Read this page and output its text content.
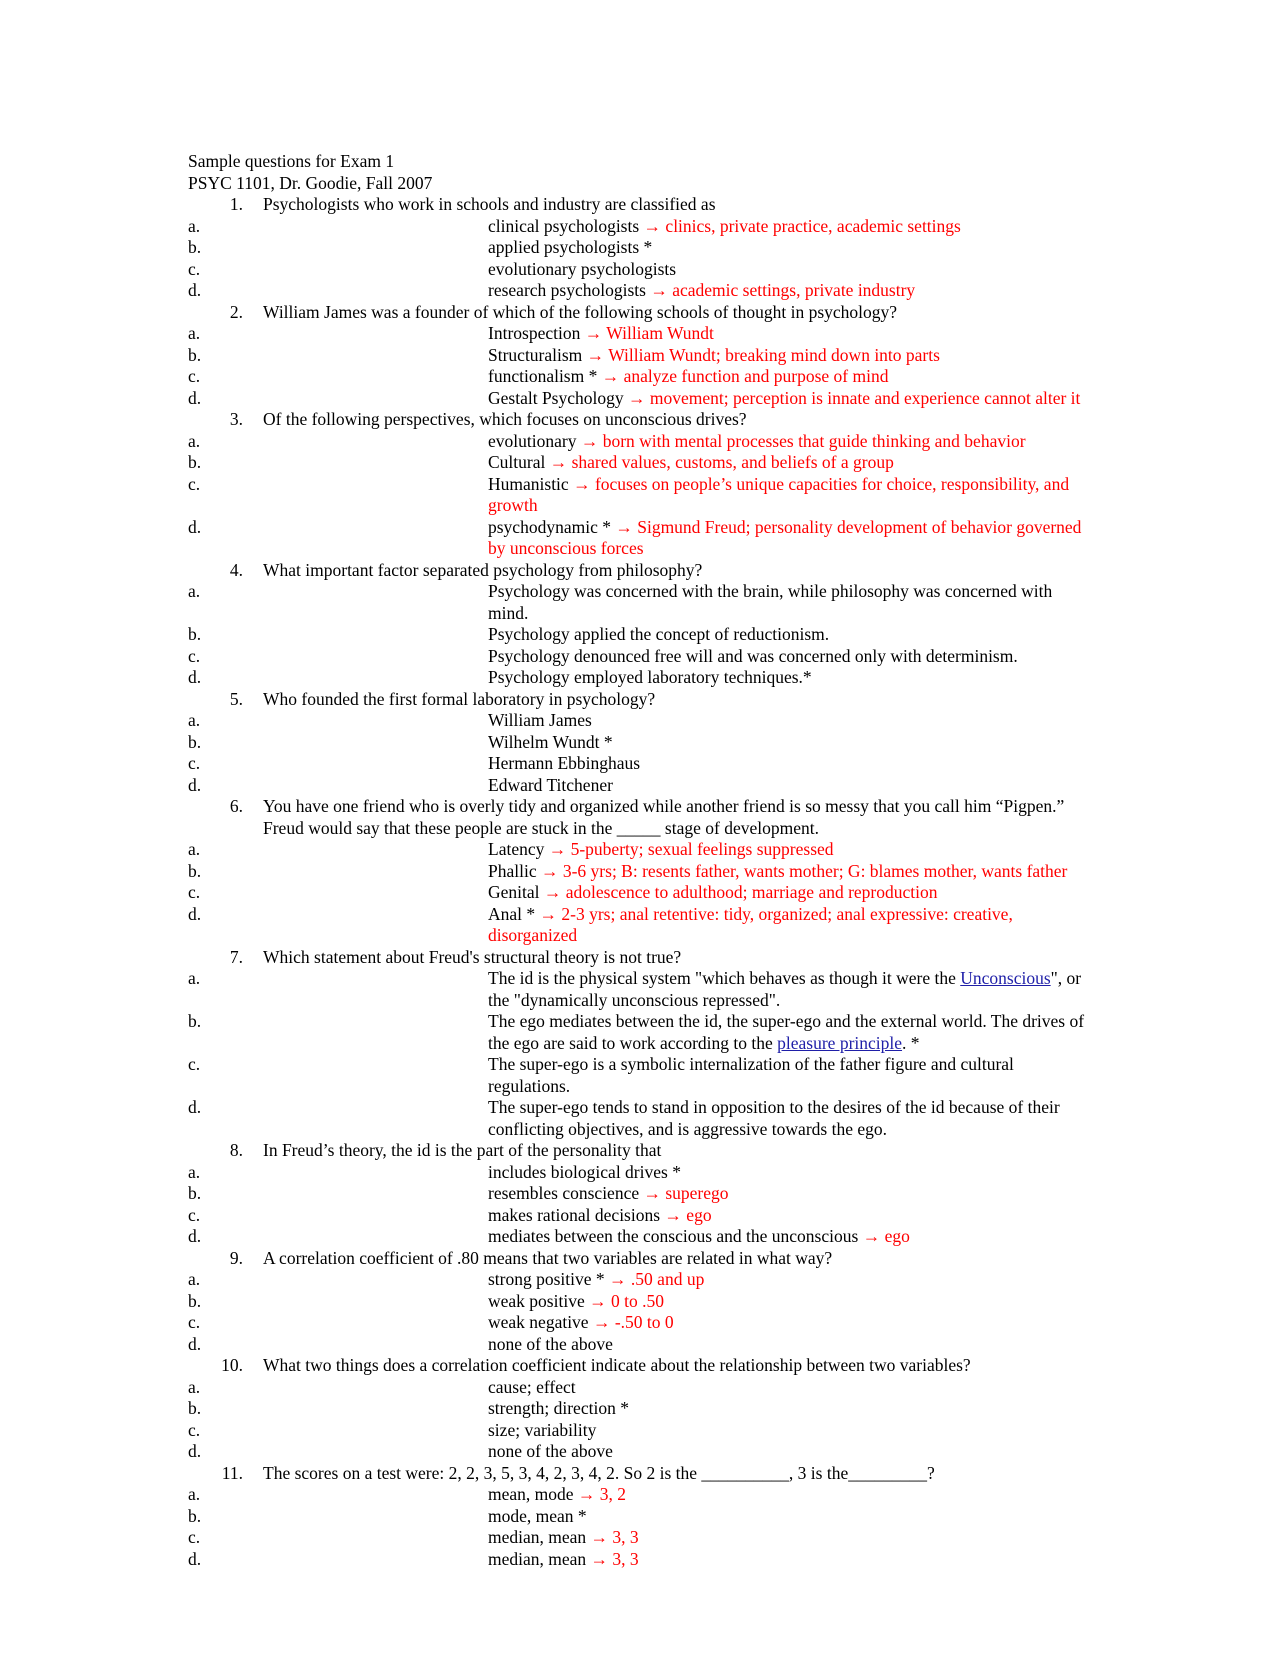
Sample questions for Exam 1
PSYC 1101, Dr. Goodie, Fall 2007
1.	Psychologists who work in schools and industry are classified as
a.	clinical psychologists → clinics, private practice, academic settings
b.	applied psychologists *
c.	evolutionary psychologists
d.	research psychologists → academic settings, private industry
2.	William James was a founder of which of the following schools of thought in psychology?
a.	Introspection → William Wundt
b.	Structuralism → William Wundt; breaking mind down into parts
c.	functionalism * → analyze function and purpose of mind
d.	Gestalt Psychology → movement; perception is innate and experience cannot alter it
3.	Of the following perspectives, which focuses on unconscious drives?
a.	evolutionary → born with mental processes that guide thinking and behavior
b.	Cultural → shared values, customs, and beliefs of a group
c.	Humanistic → focuses on people’s unique capacities for choice, responsibility, and growth
d.	psychodynamic * → Sigmund Freud; personality development of behavior governed by unconscious forces
4.	What important factor separated psychology from philosophy?
a.	Psychology was concerned with the brain, while philosophy was concerned with mind.
b.	Psychology applied the concept of reductionism.
c.	Psychology denounced free will and was concerned only with determinism.
d.	Psychology employed laboratory techniques.*
5.	Who founded the first formal laboratory in psychology?
a.	William James
b.	Wilhelm Wundt *
c.	Hermann Ebbinghaus
d.	Edward Titchener
6.	You have one friend who is overly tidy and organized while another friend is so messy that you call him “Pigpen.” Freud would say that these people are stuck in the _____ stage of development.
a.	Latency → 5-puberty; sexual feelings suppressed
b.	Phallic → 3-6 yrs; B: resents father, wants mother; G: blames mother, wants father
c.	Genital → adolescence to adulthood; marriage and reproduction
d.	Anal * → 2-3 yrs; anal retentive: tidy, organized; anal expressive: creative, disorganized
7.	Which statement about Freud's structural theory is not true?
a.	The id is the physical system "which behaves as though it were the Unconscious", or the "dynamically unconscious repressed".
b.	The ego mediates between the id, the super-ego and the external world. The drives of the ego are said to work according to the pleasure principle. *
c.	The super-ego is a symbolic internalization of the father figure and cultural regulations.
d.	The super-ego tends to stand in opposition to the desires of the id because of their conflicting objectives, and is aggressive towards the ego.
8.	In Freud’s theory, the id is the part of the personality that
a.	includes biological drives *
b.	resembles conscience → superego
c.	makes rational decisions → ego
d.	mediates between the conscious and the unconscious → ego
9.	A correlation coefficient of .80 means that two variables are related in what way?
a.	strong positive * → .50 and up
b.	weak positive → 0 to .50
c.	weak negative → -.50 to 0
d.	none of the above
10.	What two things does a correlation coefficient indicate about the relationship between two variables?
a.	cause; effect
b.	strength; direction *
c.	size; variability
d.	none of the above
11.	The scores on a test were: 2, 2, 3, 5, 3, 4, 2, 3, 4, 2. So 2 is the __________, 3 is the_________?
a.	mean, mode → 3, 2
b.	mode, mean *
c.	median, mean → 3, 3
d.	median, mean → 3, 3
